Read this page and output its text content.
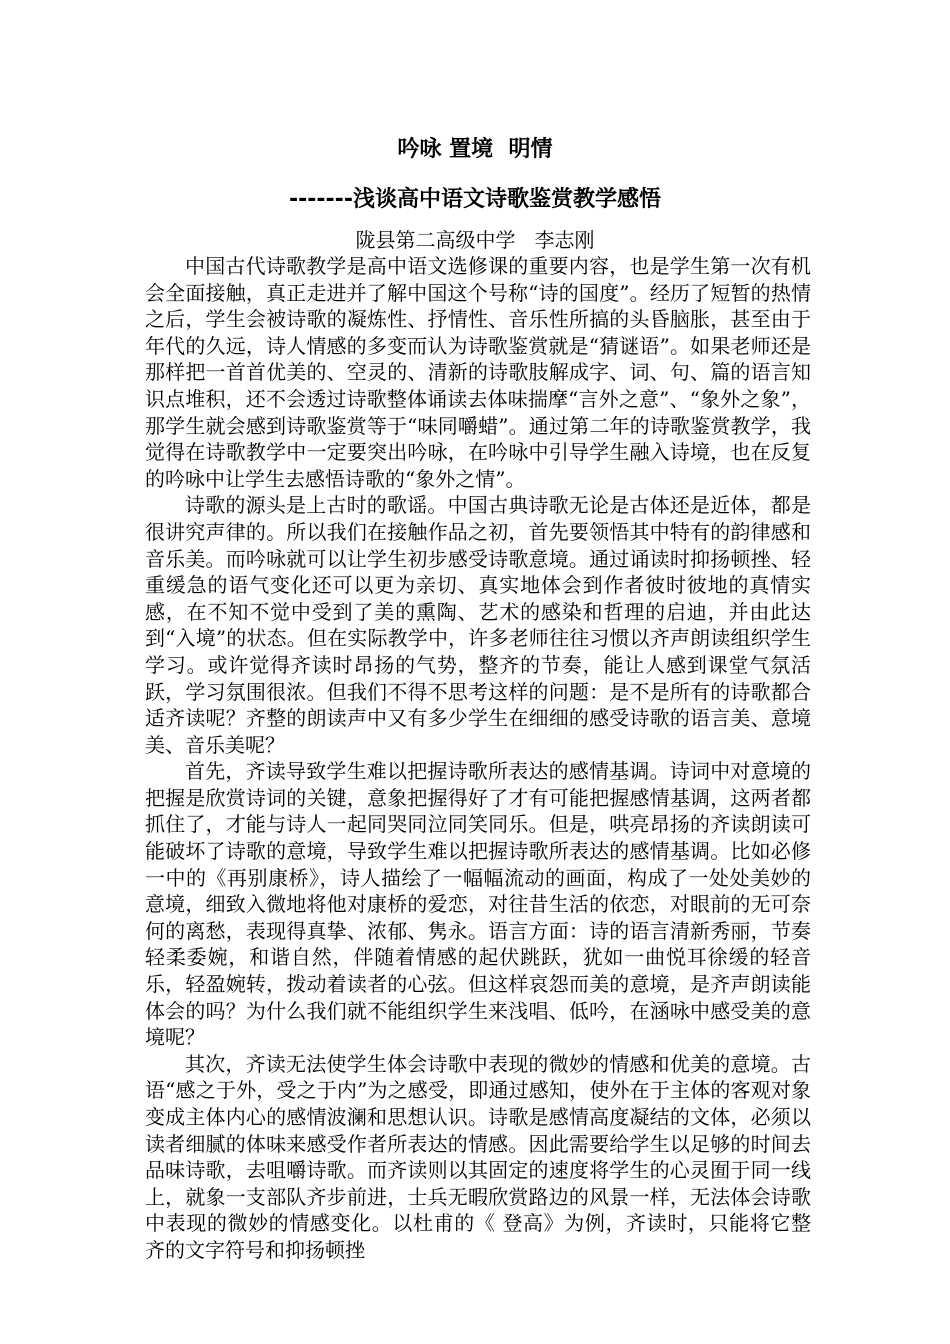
吟咏 置境  明情
-------浅谈高中语文诗歌鉴赏教学感悟
陇县第二高级中学   李志刚

中国古代诗歌教学是高中语文选修课的重要内容，也是学生第一次有机会全面接触，真正走进并了解中国这个号称“诗的国度”。经历了短暂的热情之后，学生会被诗歌的凝炼性、抒情性、音乐性所搞的头昏脑胀，甚至由于年代的久远，诗人情感的多变而认为诗歌鉴赏就是“猜谜语”。如果老师还是那样把一首首优美的、空灵的、清新的诗歌肢解成字、词、句、篇的语言知识点堆积，还不会透过诗歌整体诵读去体味揣摩“言外之意”、“象外之象”，那学生就会感到诗歌鉴赏等于“味同嚼蜡”。通过第二年的诗歌鉴赏教学，我觉得在诗歌教学中一定要突出吟咏，在吟咏中引导学生融入诗境，也在反复的吟咏中让学生去感悟诗歌的“象外之情”。

诗歌的源头是上古时的歌谣。中国古典诗歌无论是古体还是近体，都是很讲究声律的。所以我们在接触作品之初，首先要领悟其中特有的韵律感和音乐美。而吟咏就可以让学生初步感受诗歌意境。通过诵读时抑扬顿挫、轻重缓急的语气变化还可以更为亲切、真实地体会到作者彼时彼地的真情实感，在不知不觉中受到了美的熏陶、艺术的感染和哲理的启迪，并由此达到“入境”的状态。但在实际教学中，许多老师往往习惯以齐声朗读组织学生学习。或许觉得齐读时昂扬的气势，整齐的节奏，能让人感到课堂气氛活跃，学习氛围很浓。但我们不得不思考这样的问题：是不是所有的诗歌都合适齐读呢？齐整的朗读声中又有多少学生在细细的感受诗歌的语言美、意境美、音乐美呢？

首先，齐读导致学生难以把握诗歌所表达的感情基调。诗词中对意境的把握是欣赏诗词的关键，意象把握得好了才有可能把握感情基调，这两者都抓住了，才能与诗人一起同哭同泣同笑同乐。但是，哄亮昂扬的齐读朗读可能破坏了诗歌的意境，导致学生难以把握诗歌所表达的感情基调。比如必修一中的《再别康桥》，诗人描绘了一幅幅流动的画面，构成了一处处美妙的意境，细致入微地将他对康桥的爱恋，对往昔生活的依恋，对眼前的无可奈何的离愁，表现得真挚、浓郁、隽永。语言方面：诗的语言清新秀丽，节奏轻柔委婉，和谐自然，伴随着情感的起伏跳跃，犹如一曲悦耳徐缓的轻音乐，轻盈婉转，拨动着读者的心弦。但这样哀怨而美的意境，是齐声朗读能体会的吗？为什么我们就不能组织学生来浅唱、低吟，在涵咏中感受美的意境呢？

其次，齐读无法使学生体会诗歌中表现的微妙的情感和优美的意境。古语“感之于外，受之于内”为之感受，即通过感知，使外在于主体的客观对象变成主体内心的感情波澜和思想认识。诗歌是感情高度凝结的文体，必须以读者细腻的体味来感受作者所表达的情感。因此需要给学生以足够的时间去品味诗歌，去咀嚼诗歌。而齐读则以其固定的速度将学生的心灵囿于同一线上，就象一支部队齐步前进，士兵无暇欣赏路边的风景一样，无法体会诗歌中表现的微妙的情感变化。以杜甫的《 登高》为例，齐读时，只能将它整齐的文字符号和抑扬顿挫
